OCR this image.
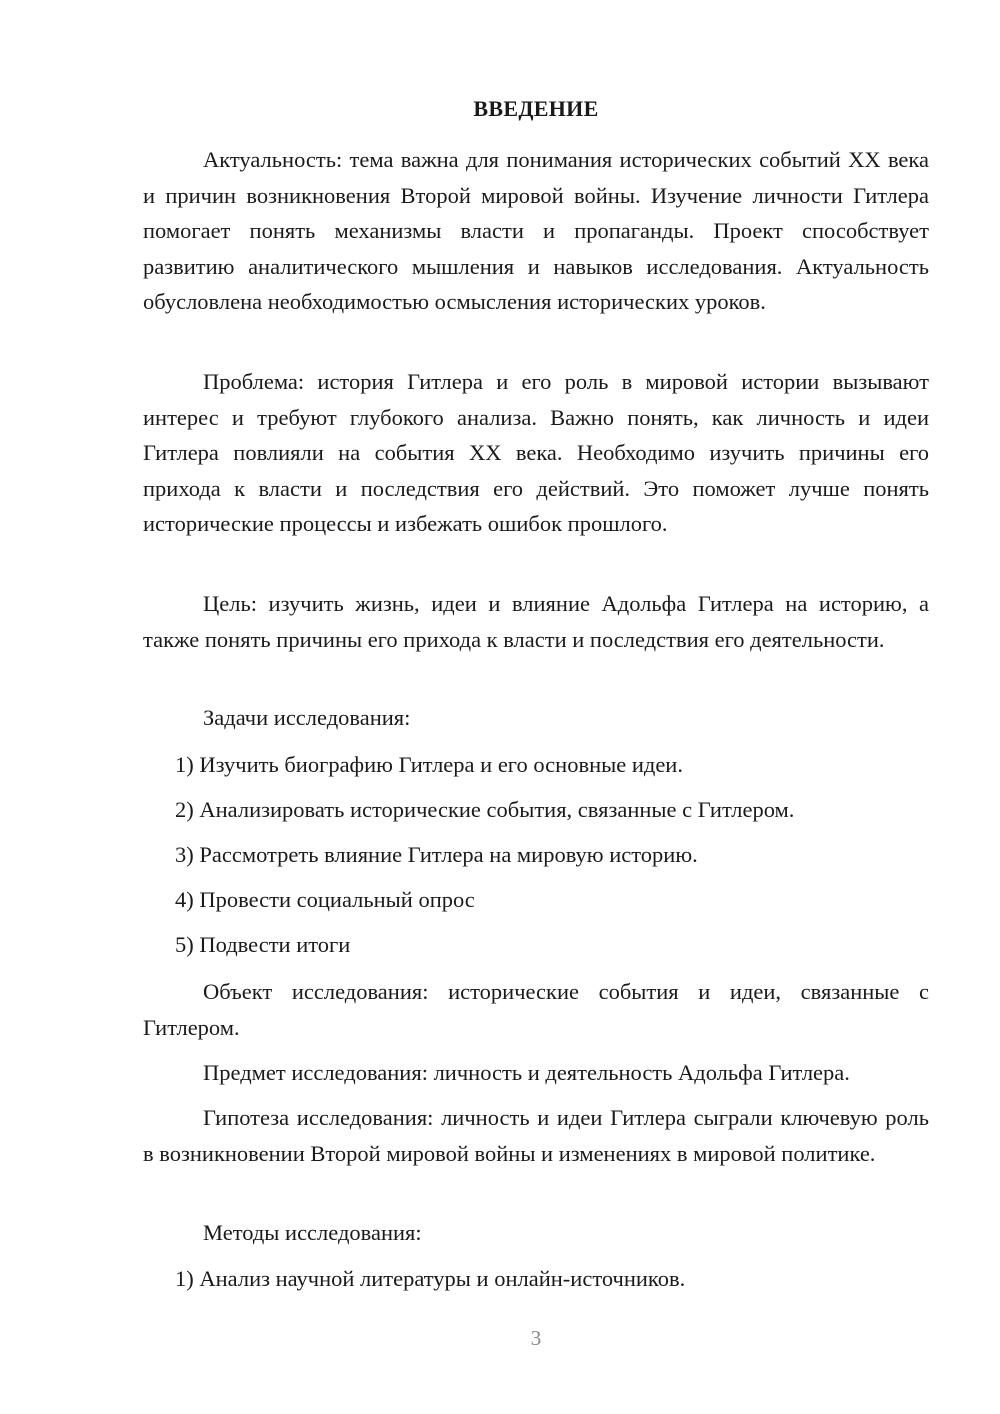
ВВЕДЕНИЕ

Актуальность: тема важна для понимания исторических событий XX века и причин возникновения Второй мировой войны. Изучение личности Гитлера помогает понять механизмы власти и пропаганды. Проект способствует развитию аналитического мышления и навыков исследования. Актуальность обусловлена необходимостью осмысления исторических уроков.

Проблема: история Гитлера и его роль в мировой истории вызывают интерес и требуют глубокого анализа. Важно понять, как личность и идеи Гитлера повлияли на события XX века. Необходимо изучить причины его прихода к власти и последствия его действий. Это поможет лучше понять исторические процессы и избежать ошибок прошлого.

Цель: изучить жизнь, идеи и влияние Адольфа Гитлера на историю, а также понять причины его прихода к власти и последствия его деятельности.

Задачи исследования:

1) Изучить биографию Гитлера и его основные идеи.

2) Анализировать исторические события, связанные с Гитлером.

3) Рассмотреть влияние Гитлера на мировую историю.

4) Провести социальный опрос

5) Подвести итоги

Объект исследования: исторические события и идеи, связанные с Гитлером.

Предмет исследования: личность и деятельность Адольфа Гитлера.

Гипотеза исследования: личность и идеи Гитлера сыграли ключевую роль в возникновении Второй мировой войны и изменениях в мировой политике.

Методы исследования:

1) Анализ научной литературы и онлайн-источников.

3
